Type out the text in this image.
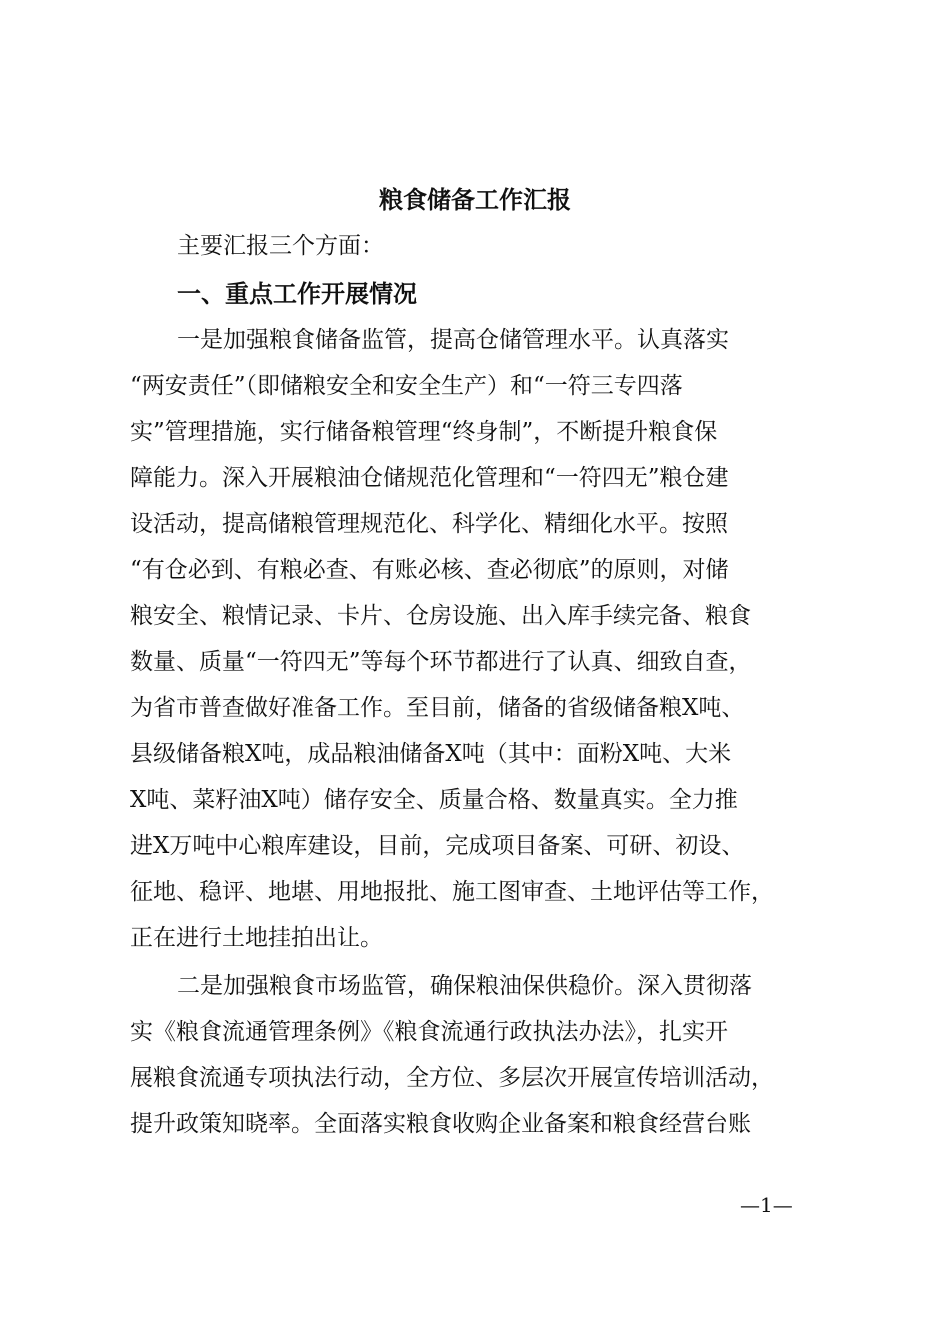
粮食储备工作汇报
主要汇报三个方面：
一、重点工作开展情况
一是加强粮食储备监管，提高仓储管理水平。认真落实
“两安责任”（即储粮安全和安全生产）和“一符三专四落
实”管理措施，实行储备粮管理“终身制”，不断提升粮食保
障能力。深入开展粮油仓储规范化管理和“一符四无”粮仓建
设活动，提高储粮管理规范化、科学化、精细化水平。按照
“有仓必到、有粮必查、有账必核、查必彻底”的原则，对储
粮安全、粮情记录、卡片、仓房设施、出入库手续完备、粮食
数量、质量“一符四无”等每个环节都进行了认真、细致自查，
为省市普查做好准备工作。至目前，储备的省级储备粮X吨、
县级储备粮X吨，成品粮油储备X吨（其中：面粉X吨、大米
X吨、菜籽油X吨）储存安全、质量合格、数量真实。全力推
进X万吨中心粮库建设，目前，完成项目备案、可研、初设、
征地、稳评、地堪、用地报批、施工图审查、土地评估等工作，
正在进行土地挂拍出让。
二是加强粮食市场监管，确保粮油保供稳价。深入贯彻落
实《粮食流通管理条例》《粮食流通行政执法办法》，扎实开
展粮食流通专项执法行动，全方位、多层次开展宣传培训活动，
提升政策知晓率。全面落实粮食收购企业备案和粮食经营台账
—1—
